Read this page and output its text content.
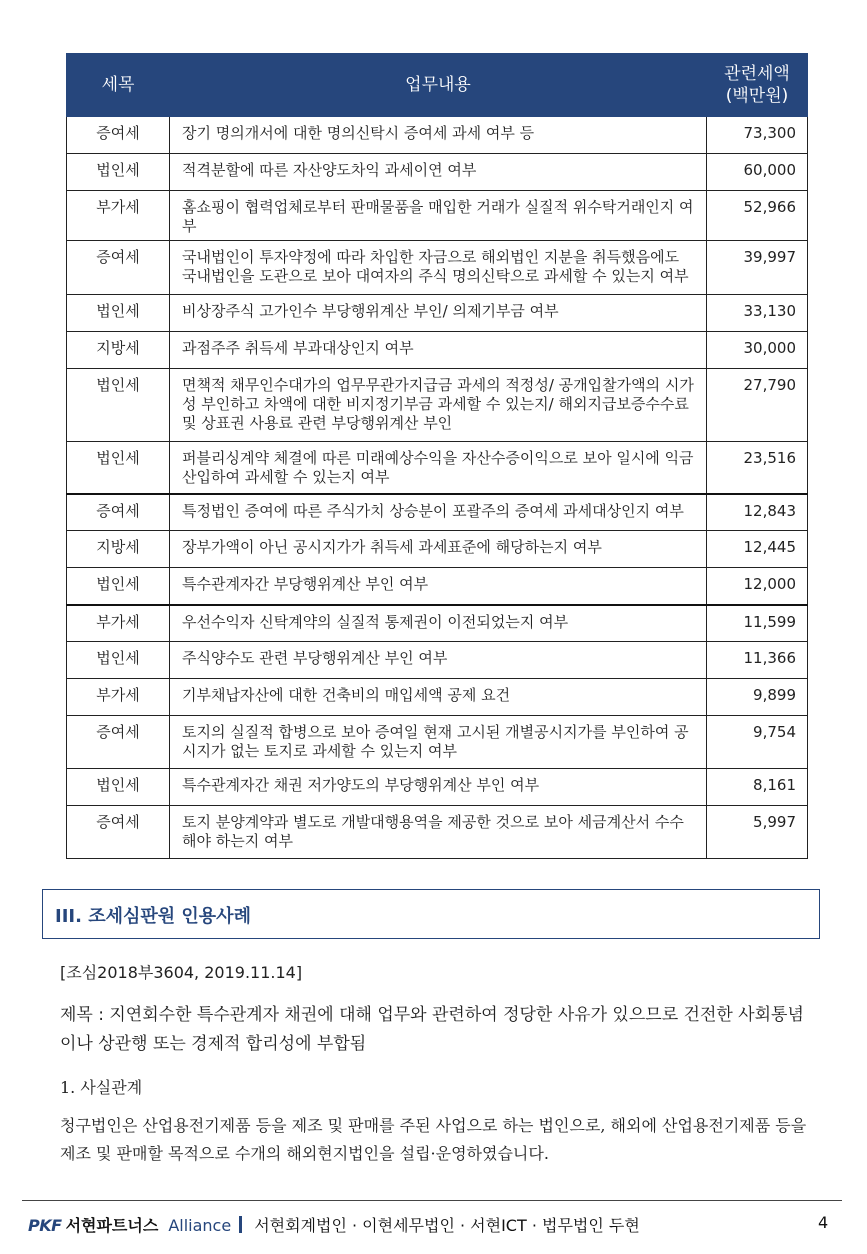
세목	업무내용	관련세액
(백만원)

증여세	장기 명의개서에 대한 명의신탁시 증여세 과세 여부 등	73,300
법인세	적격분할에 따른 자산양도차익 과세이연 여부	60,000
부가세	홈쇼핑이 협력업체로부터 판매물품을 매입한 거래가 실질적 위수탁거래인지 여부	52,966
증여세	국내법인이 투자약정에 따라 차입한 자금으로 해외법인 지분을 취득했음에도 국내법인을 도관으로 보아 대여자의 주식 명의신탁으로 과세할 수 있는지 여부	39,997
법인세	비상장주식 고가인수 부당행위계산 부인/ 의제기부금 여부	33,130
지방세	과점주주 취득세 부과대상인지 여부	30,000
법인세	면책적 채무인수대가의 업무무관가지급금 과세의 적정성/ 공개입찰가액의 시가성 부인하고 차액에 대한 비지정기부금 과세할 수 있는지/ 해외지급보증수수료 및 상표권 사용료 관련 부당행위계산 부인	27,790
법인세	퍼블리싱계약 체결에 따른 미래예상수익을 자산수증이익으로 보아 일시에 익금산입하여 과세할 수 있는지 여부	23,516
증여세	특정법인 증여에 따른 주식가치 상승분이 포괄주의 증여세 과세대상인지 여부	12,843
지방세	장부가액이 아닌 공시지가가 취득세 과세표준에 해당하는지 여부	12,445
법인세	특수관계자간 부당행위계산 부인 여부	12,000
부가세	우선수익자 신탁계약의 실질적 통제권이 이전되었는지 여부	11,599
법인세	주식양수도 관련 부당행위계산 부인 여부	11,366
부가세	기부채납자산에 대한 건축비의 매입세액 공제 요건	9,899
증여세	토지의 실질적 합병으로 보아 증여일 현재 고시된 개별공시지가를 부인하여 공시지가 없는 토지로 과세할 수 있는지 여부	9,754
법인세	특수관계자간 채권 저가양도의 부당행위계산 부인 여부	8,161
증여세	토지 분양계약과 별도로 개발대행용역을 제공한 것으로 보아 세금계산서 수수해야 하는지 여부	5,997
III. 조세심판원 인용사례
[조심2018부3604, 2019.11.14]
제목 : 지연회수한 특수관계자 채권에 대해 업무와 관련하여 정당한 사유가 있으므로 건전한 사회통념이나 상관행 또는 경제적 합리성에 부합됨
1. 사실관계
청구법인은 산업용전기제품 등을 제조 및 판매를 주된 사업으로 하는 법인으로, 해외에 산업용전기제품 등을 제조 및 판매할 목적으로 수개의 해외현지법인을 설립·운영하였습니다.
PKF 서현파트너스 Alliance 서현회계법인 · 이현세무법인 · 서현ICT · 법무법인 두현	4
